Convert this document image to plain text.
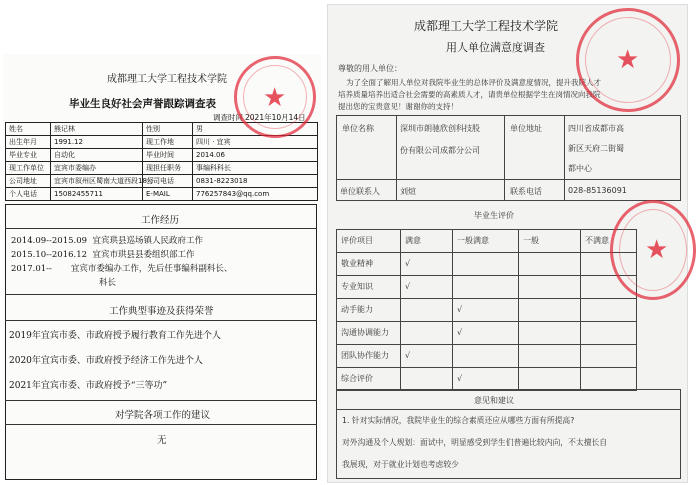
成都理工大学工程技术学院
毕业生良好社会声誉跟踪调查表
调查时间 2021年10月14日
姓名	熊记林	性别	男
出生年月	1991.12	现工作地	四川 · 宜宾
毕业专业	自动化	毕业时间	2014.06
现工作单位	宜宾市委编办	现担任职务	事编科科长
公司地址	宜宾市叙州区蜀南大道西段18号	公司电话	0831-8223018
个人电话	15082455711	E-MAIL	776257843@qq.com
工作经历
2014.09--2015.09 宜宾珙县巡场镇人民政府工作
2015.10--2016.12 宜宾市珙县县委组织部工作
2017.01-- 宜宾市委编办工作，先后任事编科副科长、
科长
工作典型事迹及获得荣誉
2019年宜宾市委、市政府授予履行教育工作先进个人
2020年宜宾市委、市政府授予经济工作先进个人
2021年宜宾市委、市政府授予“三等功”
对学院各项工作的建议
无
★
成都理工大学工程技术学院
用人单位满意度调查
尊敬的用人单位：
为了全面了解用人单位对我院毕业生的总体评价及满意度情况，提升我院人才
培养质量培养出适合社会需要的高素质人才，请贵单位根据学生在岗情况向我院
提出您的宝贵意见！谢谢你的支持！
单位名称	深圳市朗驰欣创科技股
份有限公司成都分公司
单位地址	四川省成都市高
新区天府二街蜀
都中心
单位联系人	刘煊	联系电话	028-85136091
毕业生评价
评价项目	满意	一般满意	一般	不满意
敬业精神	√			
专业知识	√			
动手能力		√		
沟通协调能力		√		
团队协作能力	√			
综合评价		√		
意见和建议
1. 针对实际情况，我院毕业生的综合素质还应从哪些方面有所提高?
对外沟通及个人规划：面试中，明显感受到学生们普遍比较内向，不太擅长自
我展现，对于就业计划也考虑较少
★
★
